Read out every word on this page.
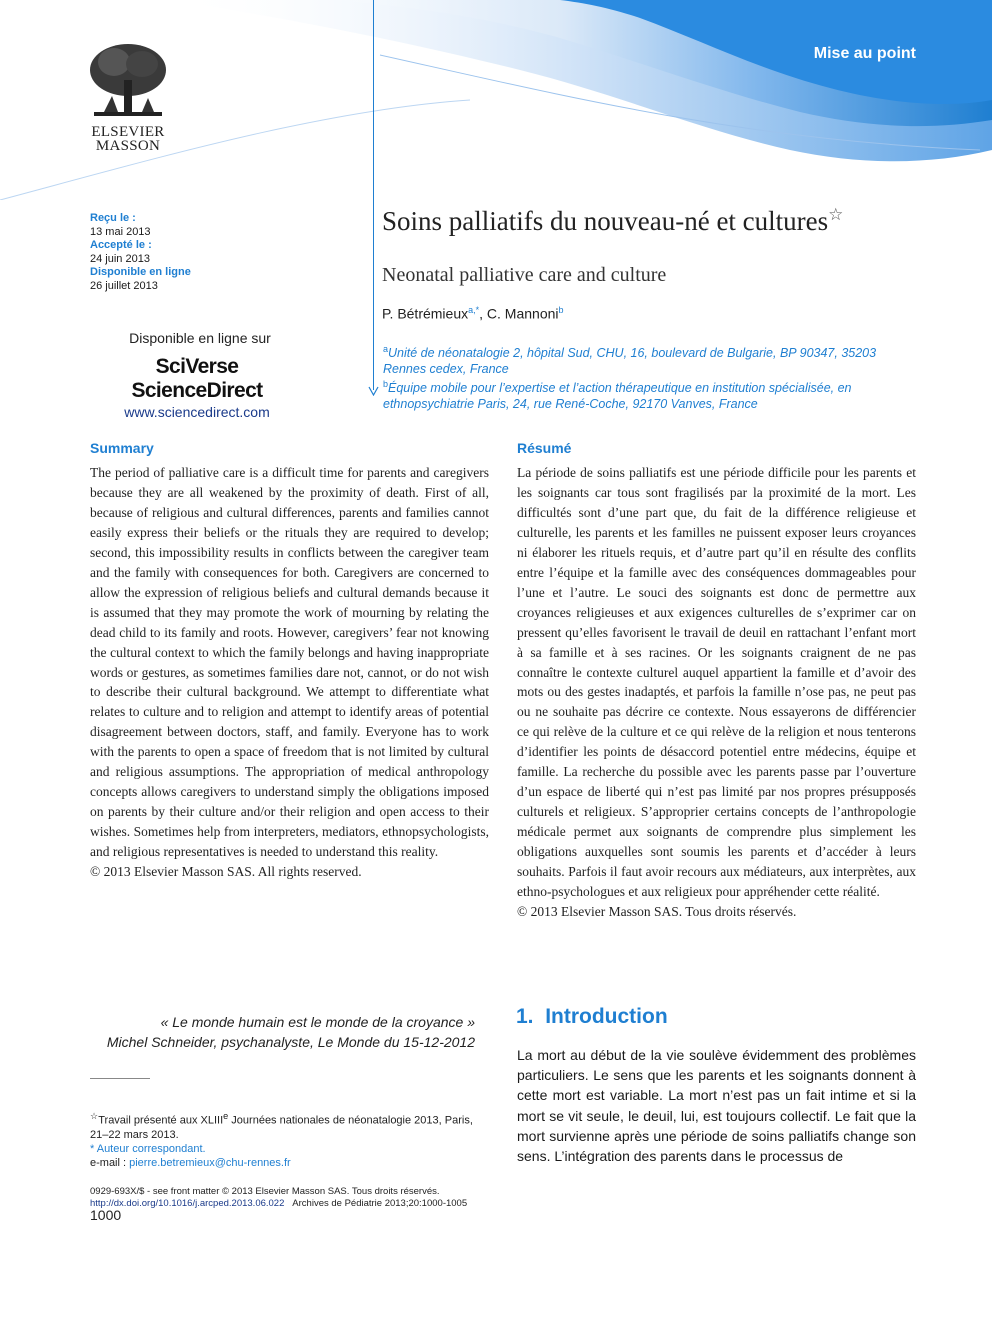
Mise au point
ELSEVIER
MASSON
Reçu le :
13 mai 2013
Accepté le :
24 juin 2013
Disponible en ligne
26 juillet 2013
Disponible en ligne sur
SciVerse ScienceDirect
www.sciencedirect.com
Soins palliatifs du nouveau-né et cultures☆
Neonatal palliative care and culture
P. Bétrémieux$^{a,*}$, C. Mannoni$^b$
$^a$Unité de néonatalogie 2, hôpital Sud, CHU, 16, boulevard de Bulgarie, BP 90347, 35203 Rennes cedex, France
$^b$Équipe mobile pour l’expertise et l’action thérapeutique en institution spécialisée, en ethnopsychiatrie Paris, 24, rue René-Coche, 92170 Vanves, France
Summary
The period of palliative care is a difficult time for parents and caregivers because they are all weakened by the proximity of death. First of all, because of religious and cultural differences, parents and families cannot easily express their beliefs or the rituals they are required to develop; second, this impossibility results in conflicts between the caregiver team and the family with consequences for both. Caregivers are concerned to allow the expression of religious beliefs and cultural demands because it is assumed that they may promote the work of mourning by relating the dead child to its family and roots. However, caregivers’ fear not knowing the cultural context to which the family belongs and having inappropriate words or gestures, as sometimes families dare not, cannot, or do not wish to describe their cultural background. We attempt to differentiate what relates to culture and to religion and attempt to identify areas of potential disagreement between doctors, staff, and family. Everyone has to work with the parents to open a space of freedom that is not limited by cultural and religious assumptions. The appropriation of medical anthropology concepts allows caregivers to understand simply the obligations imposed on parents by their culture and/or their religion and open access to their wishes. Sometimes help from interpreters, mediators, ethnopsychologists, and religious representatives is needed to understand this reality.
© 2013 Elsevier Masson SAS. All rights reserved.
Résumé
La période de soins palliatifs est une période difficile pour les parents et les soignants car tous sont fragilisés par la proximité de la mort. Les difficultés sont d’une part que, du fait de la différence religieuse et culturelle, les parents et les familles ne puissent exposer leurs croyances ni élaborer les rituels requis, et d’autre part qu’il en résulte des conflits entre l’équipe et la famille avec des conséquences dommageables pour l’une et l’autre. Le souci des soignants est donc de permettre aux croyances religieuses et aux exigences culturelles de s’exprimer car on pressent qu’elles favorisent le travail de deuil en rattachant l’enfant mort à sa famille et à ses racines. Or les soignants craignent de ne pas connaître le contexte culturel auquel appartient la famille et d’avoir des mots ou des gestes inadaptés, et parfois la famille n’ose pas, ne peut pas ou ne souhaite pas décrire ce contexte. Nous essayerons de différencier ce qui relève de la culture et ce qui relève de la religion et nous tenterons d’identifier les points de désaccord potentiel entre médecins, équipe et famille. La recherche du possible avec les parents passe par l’ouverture d’un espace de liberté qui n’est pas limité par nos propres présupposés culturels et religieux. S’approprier certains concepts de l’anthropologie médicale permet aux soignants de comprendre plus simplement les obligations auxquelles sont soumis les parents et d’accéder à leurs souhaits. Parfois il faut avoir recours aux médiateurs, aux interprètes, aux ethno-psychologues et aux religieux pour appréhender cette réalité.
© 2013 Elsevier Masson SAS. Tous droits réservés.
« Le monde humain est le monde de la croyance »
Michel Schneider, psychanalyste, Le Monde du 15-12-2012
1. Introduction
La mort au début de la vie soulève évidemment des problèmes particuliers. Le sens que les parents et les soignants donnent à cette mort est variable. La mort n’est pas un fait intime et si la mort se vit seule, le deuil, lui, est toujours collectif. Le fait que la mort survienne après une période de soins palliatifs change son sens. L’intégration des parents dans le processus de
☆Travail présenté aux XLIIIe Journées nationales de néonatalogie 2013, Paris, 21–22 mars 2013.
* Auteur correspondant.
e-mail : pierre.betremieux@chu-rennes.fr
0929-693X/$ - see front matter © 2013 Elsevier Masson SAS. Tous droits réservés.
http://dx.doi.org/10.1016/j.arcped.2013.06.022 Archives de Pédiatrie 2013;20:1000-1005
1000
